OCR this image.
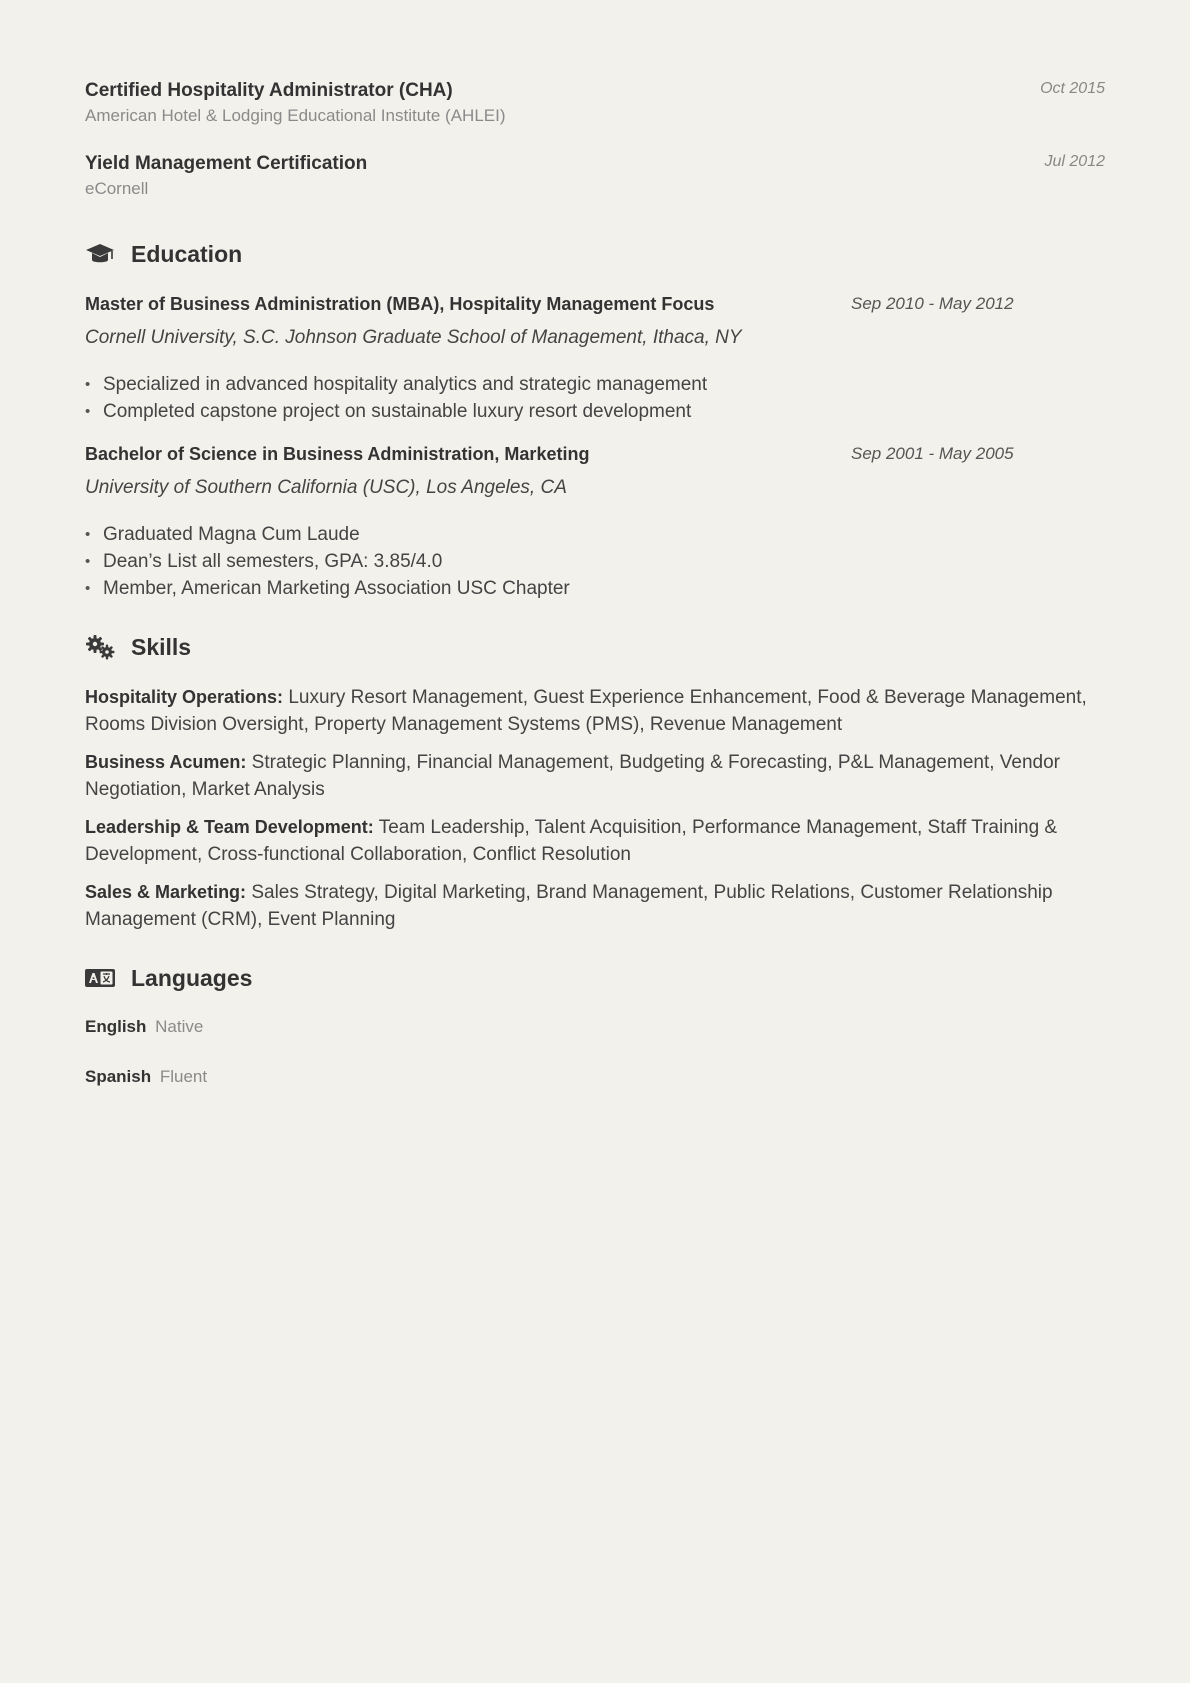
Certified Hospitality Administrator (CHA)
American Hotel & Lodging Educational Institute (AHLEI)
Oct 2015
Yield Management Certification
eCornell
Jul 2012
Education
Master of Business Administration (MBA), Hospitality Management Focus	Sep 2010 - May 2012
Cornell University, S.C. Johnson Graduate School of Management, Ithaca, NY
• Specialized in advanced hospitality analytics and strategic management
• Completed capstone project on sustainable luxury resort development
Bachelor of Science in Business Administration, Marketing	Sep 2001 - May 2005
University of Southern California (USC), Los Angeles, CA
• Graduated Magna Cum Laude
• Dean’s List all semesters, GPA: 3.85/4.0
• Member, American Marketing Association USC Chapter
Skills
Hospitality Operations: Luxury Resort Management, Guest Experience Enhancement, Food & Beverage Management, Rooms Division Oversight, Property Management Systems (PMS), Revenue Management
Business Acumen: Strategic Planning, Financial Management, Budgeting & Forecasting, P&L Management, Vendor Negotiation, Market Analysis
Leadership & Team Development: Team Leadership, Talent Acquisition, Performance Management, Staff Training & Development, Cross-functional Collaboration, Conflict Resolution
Sales & Marketing: Sales Strategy, Digital Marketing, Brand Management, Public Relations, Customer Relationship Management (CRM), Event Planning
Languages
English Native
Spanish Fluent
